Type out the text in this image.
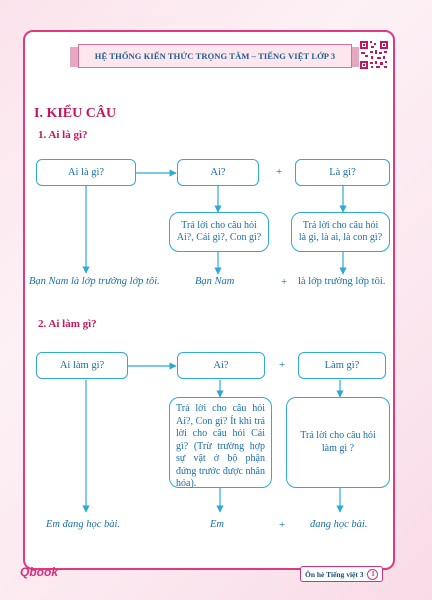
HỆ THỐNG KIẾN THỨC TRỌNG TÂM – TIẾNG VIỆT LỚP 3
I. KIỂU CÂU
1. Ai là gì?
Ai là gì?	Ai?	+	Là gì?
Trả lời cho câu hỏi Ai?, Cái gì?, Con gì?
Trả lời cho câu hỏi là gì, là ai, là con gì?
Bạn Nam là lớp trưởng lớp tôi.	Bạn Nam	+ là lớp trưởng lớp tôi.
2. Ai làm gì?
Ai làm gì?	Ai?	+	Làm gì?
Trả lời cho câu hỏi Ai?, Con gì? Ít khi trả lời cho câu hỏi Cái gì? (Trừ trường hợp sự vật ở bộ phận đứng trước được nhân hóa).
Trả lời cho câu hỏi làm gì ?
Em đang học bài.	Em	+ đang học bài.
Qbook	Ôn hè Tiếng việt 3	1
